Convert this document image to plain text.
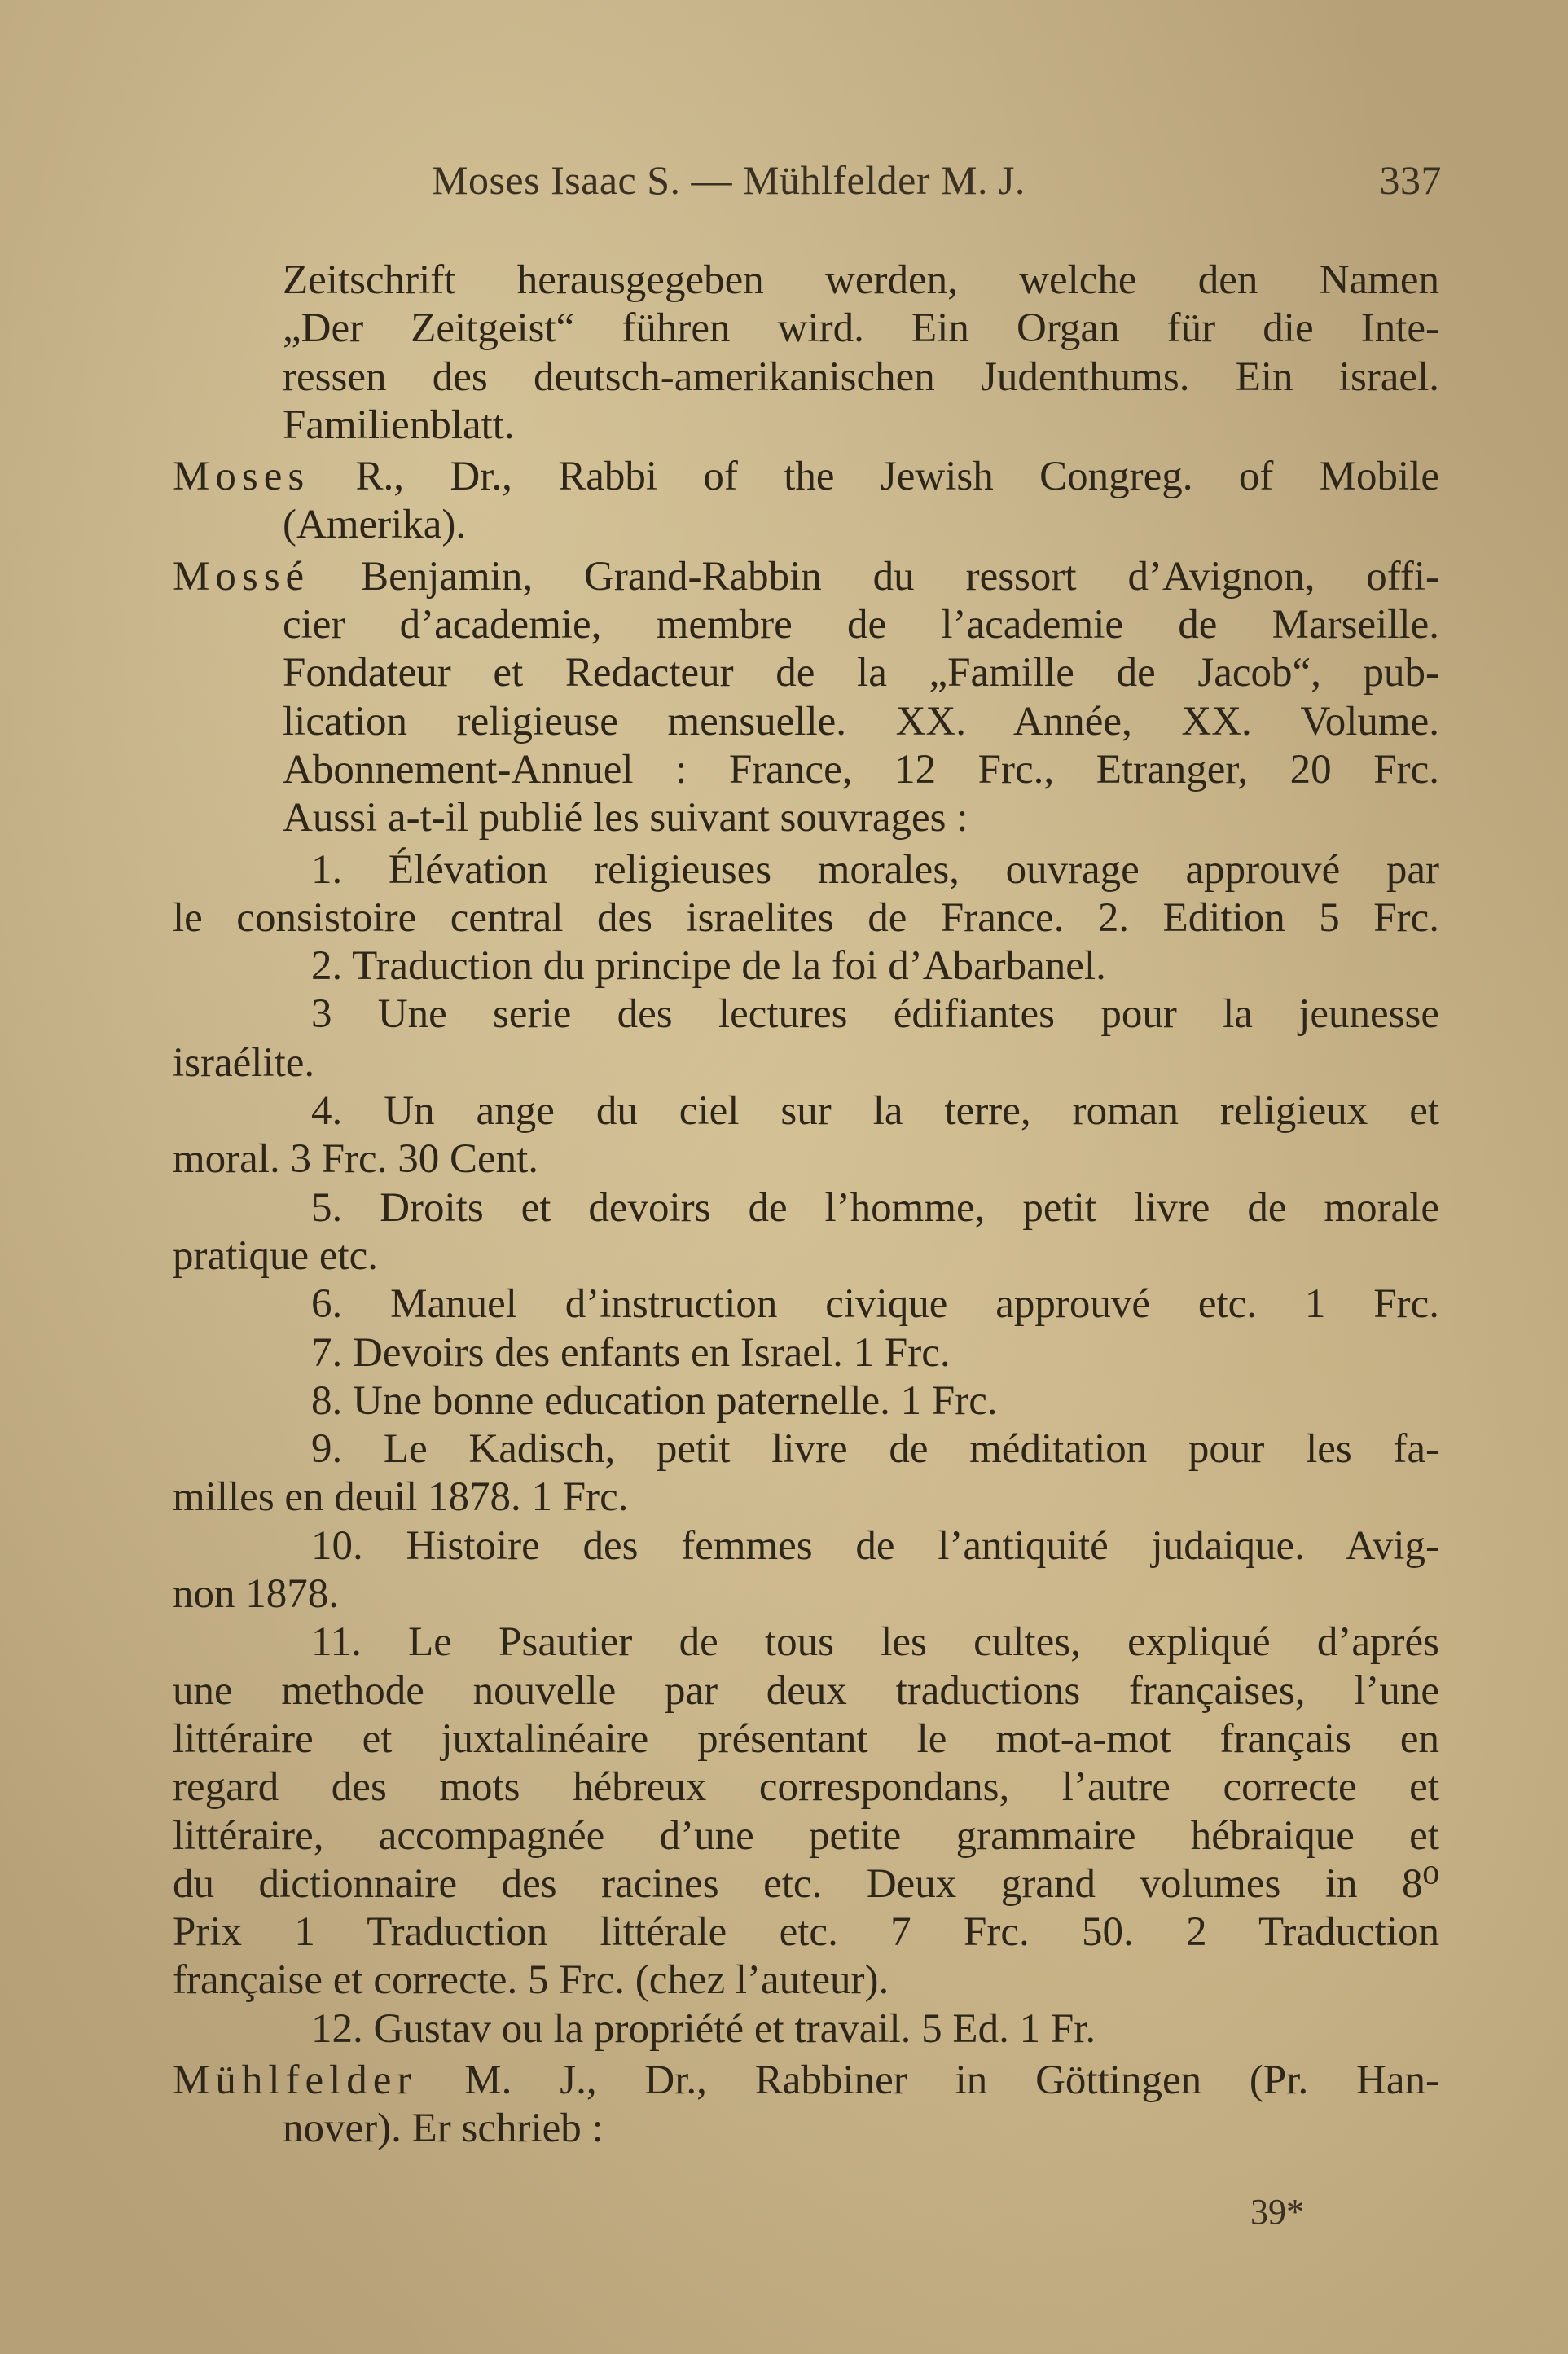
Moses Isaac S. — Mühlfelder M. J.	337
Zeitschrift herausgegeben werden, welche den Namen
„Der Zeitgeist“ führen wird. Ein Organ für die Inte-
ressen des deutsch-amerikanischen Judenthums. Ein israel.
Familienblatt.
Moses R., Dr., Rabbi of the Jewish Congreg. of Mobile
(Amerika).
Mossé Benjamin, Grand-Rabbin du ressort d’Avignon, offi-
cier d’academie, membre de l’academie de Marseille.
Fondateur et Redacteur de la „Famille de Jacob“, pub-
lication religieuse mensuelle. XX. Année, XX. Volume.
Abonnement-Annuel : France, 12 Frc., Etranger, 20 Frc.
Aussi a-t-il publié les suivant souvrages :
1. Élévation religieuses morales, ouvrage approuvé par
le consistoire central des israelites de France. 2. Edition 5 Frc.
2. Traduction du principe de la foi d’Abarbanel.
3 Une serie des lectures édifiantes pour la jeunesse
israélite.
4. Un ange du ciel sur la terre, roman religieux et
moral. 3 Frc. 30 Cent.
5. Droits et devoirs de l’homme, petit livre de morale
pratique etc.
6. Manuel d’instruction civique approuvé etc. 1 Frc.
7. Devoirs des enfants en Israel. 1 Frc.
8. Une bonne education paternelle. 1 Frc.
9. Le Kadisch, petit livre de méditation pour les fa-
milles en deuil 1878. 1 Frc.
10. Histoire des femmes de l’antiquité judaique. Avig-
non 1878.
11. Le Psautier de tous les cultes, expliqué d’aprés
une methode nouvelle par deux traductions françaises, l’une
littéraire et juxtalinéaire présentant le mot-a-mot français en
regard des mots hébreux correspondans, l’autre correcte et
littéraire, accompagnée d’une petite grammaire hébraique et
du dictionnaire des racines etc. Deux grand volumes in 8⁰
Prix 1 Traduction littérale etc. 7 Frc. 50. 2 Traduction
française et correcte. 5 Frc. (chez l’auteur).
12. Gustav ou la propriété et travail. 5 Ed. 1 Fr.
Mühlfelder M. J., Dr., Rabbiner in Göttingen (Pr. Han-
nover). Er schrieb :
39*
